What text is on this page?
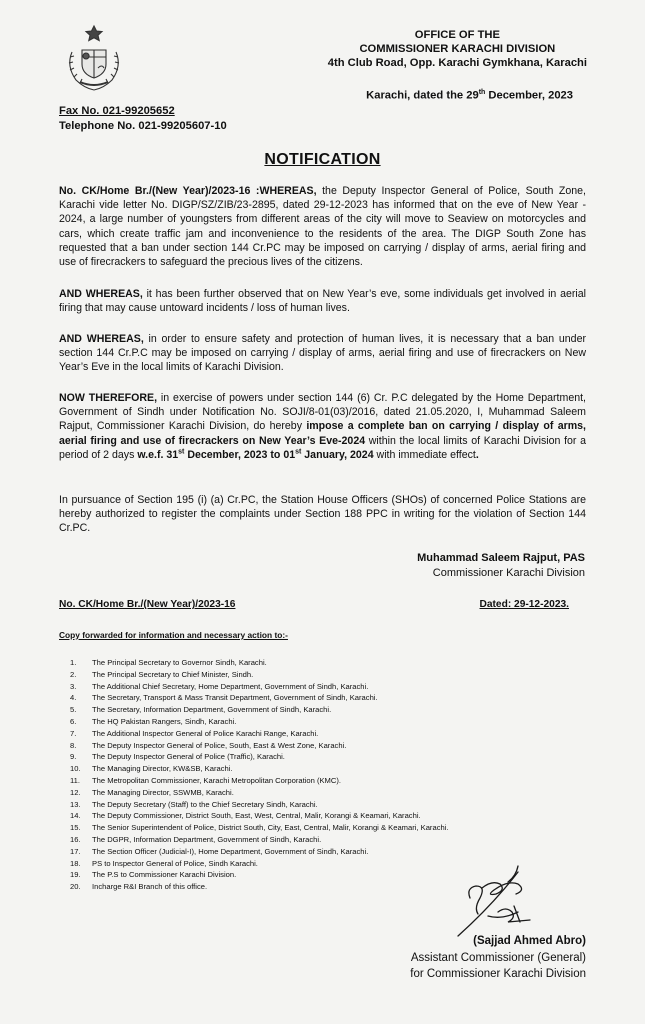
OFFICE OF THE
COMMISSIONER KARACHI DIVISION
4th Club Road, Opp. Karachi Gymkhana, Karachi
Karachi, dated the 29th December, 2023
Fax No. 021-99205652
Telephone No. 021-99205607-10
NOTIFICATION
No. CK/Home Br./(New Year)/2023-16 :WHEREAS, the Deputy Inspector General of Police, South Zone, Karachi vide letter No. DIGP/SZ/ZIB/23-2895, dated 29-12-2023 has informed that on the eve of New Year - 2024, a large number of youngsters from different areas of the city will move to Seaview on motorcycles and cars, which create traffic jam and inconvenience to the residents of the area. The DIGP South Zone has requested that a ban under section 144 Cr.PC may be imposed on carrying / display of arms, aerial firing and use of firecrackers to safeguard the precious lives of the citizens.
AND WHEREAS, it has been further observed that on New Year’s eve, some individuals get involved in aerial firing that may cause untoward incidents / loss of human lives.
AND WHEREAS, in order to ensure safety and protection of human lives, it is necessary that a ban under section 144 Cr.P.C may be imposed on carrying / display of arms, aerial firing and use of firecrackers on New Year’s Eve in the local limits of Karachi Division.
NOW THEREFORE, in exercise of powers under section 144 (6) Cr. P.C delegated by the Home Department, Government of Sindh under Notification No. SOJI/8-01(03)/2016, dated 21.05.2020, I, Muhammad Saleem Rajput, Commissioner Karachi Division, do hereby impose a complete ban on carrying / display of arms, aerial firing and use of firecrackers on New Year’s Eve-2024 within the local limits of Karachi Division for a period of 2 days w.e.f. 31st December, 2023 to 01st January, 2024 with immediate effect.
In pursuance of Section 195 (i) (a) Cr.PC, the Station House Officers (SHOs) of concerned Police Stations are hereby authorized to register the complaints under Section 188 PPC in writing for the violation of Section 144 Cr.PC.
Muhammad Saleem Rajput, PAS
Commissioner Karachi Division
No. CK/Home Br./(New Year)/2023-16	Dated: 29-12-2023.
Copy forwarded for information and necessary action to:-
1. The Principal Secretary to Governor Sindh, Karachi.
2. The Principal Secretary to Chief Minister, Sindh.
3. The Additional Chief Secretary, Home Department, Government of Sindh, Karachi.
4. The Secretary, Transport & Mass Transit Department, Government of Sindh, Karachi.
5. The Secretary, Information Department, Government of Sindh, Karachi.
6. The HQ Pakistan Rangers, Sindh, Karachi.
7. The Additional Inspector General of Police Karachi Range, Karachi.
8. The Deputy Inspector General of Police, South, East & West Zone, Karachi.
9. The Deputy Inspector General of Police (Traffic), Karachi.
10. The Managing Director, KW&SB, Karachi.
11. The Metropolitan Commissioner, Karachi Metropolitan Corporation (KMC).
12. The Managing Director, SSWMB, Karachi.
13. The Deputy Secretary (Staff) to the Chief Secretary Sindh, Karachi.
14. The Deputy Commissioner, District South, East, West, Central, Malir, Korangi & Keamari, Karachi.
15. The Senior Superintendent of Police, District South, City, East, Central, Malir, Korangi & Keamari, Karachi.
16. The DGPR, Information Department, Government of Sindh, Karachi.
17. The Section Officer (Judicial-I), Home Department, Government of Sindh, Karachi.
18. PS to Inspector General of Police, Sindh Karachi.
19. The P.S to Commissioner Karachi Division.
20. Incharge R&I Branch of this office.
(Sajjad Ahmed Abro)
Assistant Commissioner (General)
for Commissioner Karachi Division
